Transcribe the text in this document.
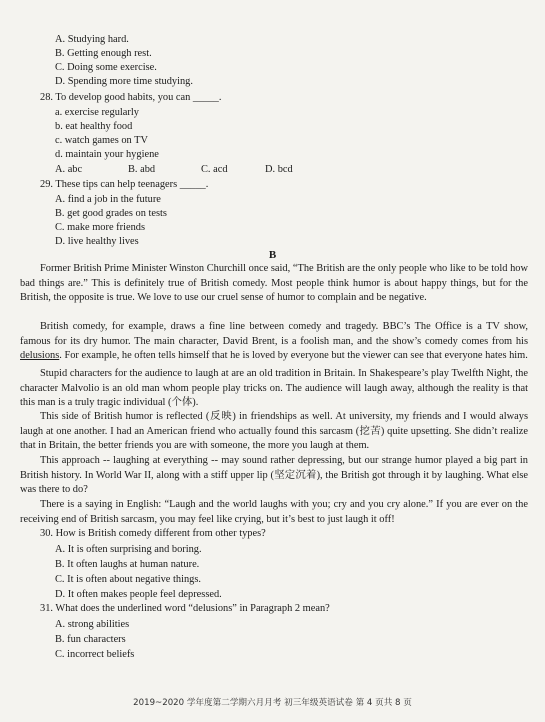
A. Studying hard.
B. Getting enough rest.
C. Doing some exercise.
D. Spending more time studying.
28. To develop good habits, you can _____.
a. exercise regularly
b. eat healthy food
c. watch games on TV
d. maintain your hygiene
A. abc	B. abd	C. acd	D. bcd
29. These tips can help teenagers _____.
A. find a job in the future
B. get good grades on tests
C. make more friends
D. live healthy lives
B
Former British Prime Minister Winston Churchill once said, “The British are the only people who like to be told how bad things are.” This is definitely true of British comedy. Most people think humor is about happy things, but for the British, the opposite is true. We love to use our cruel sense of humor to complain and be negative.
British comedy, for example, draws a fine line between comedy and tragedy. BBC’s The Office is a TV show, famous for its dry humor. The main character, David Brent, is a foolish man, and the show’s comedy comes from his delusions. For example, he often tells himself that he is loved by everyone but the viewer can see that everyone hates him.
Stupid characters for the audience to laugh at are an old tradition in Britain. In Shakespeare’s play Twelfth Night, the character Malvolio is an old man whom people play tricks on. The audience will laugh away, although the reality is that this man is a truly tragic individual (个体).
This side of British humor is reflected (反映) in friendships as well. At university, my friends and I would always laugh at one another. I had an American friend who actually found this sarcasm (挖苦) quite upsetting. She didn’t realize that in Britain, the better friends you are with someone, the more you laugh at them.
This approach -- laughing at everything -- may sound rather depressing, but our strange humor played a big part in British history. In World War II, along with a stiff upper lip (坚定沉着), the British got through it by laughing. What else was there to do?
There is a saying in English: “Laugh and the world laughs with you; cry and you cry alone.” If you are ever on the receiving end of British sarcasm, you may feel like crying, but it’s best to just laugh it off!
30. How is British comedy different from other types?
A. It is often surprising and boring.
B. It often laughs at human nature.
C. It is often about negative things.
D. It often makes people feel depressed.
31. What does the underlined word “delusions” in Paragraph 2 mean?
A. strong abilities
B. fun characters
C. incorrect beliefs
2019~2020 学年度第二学期六月月考 初三年级英语试卷 第 4 页共 8 页
